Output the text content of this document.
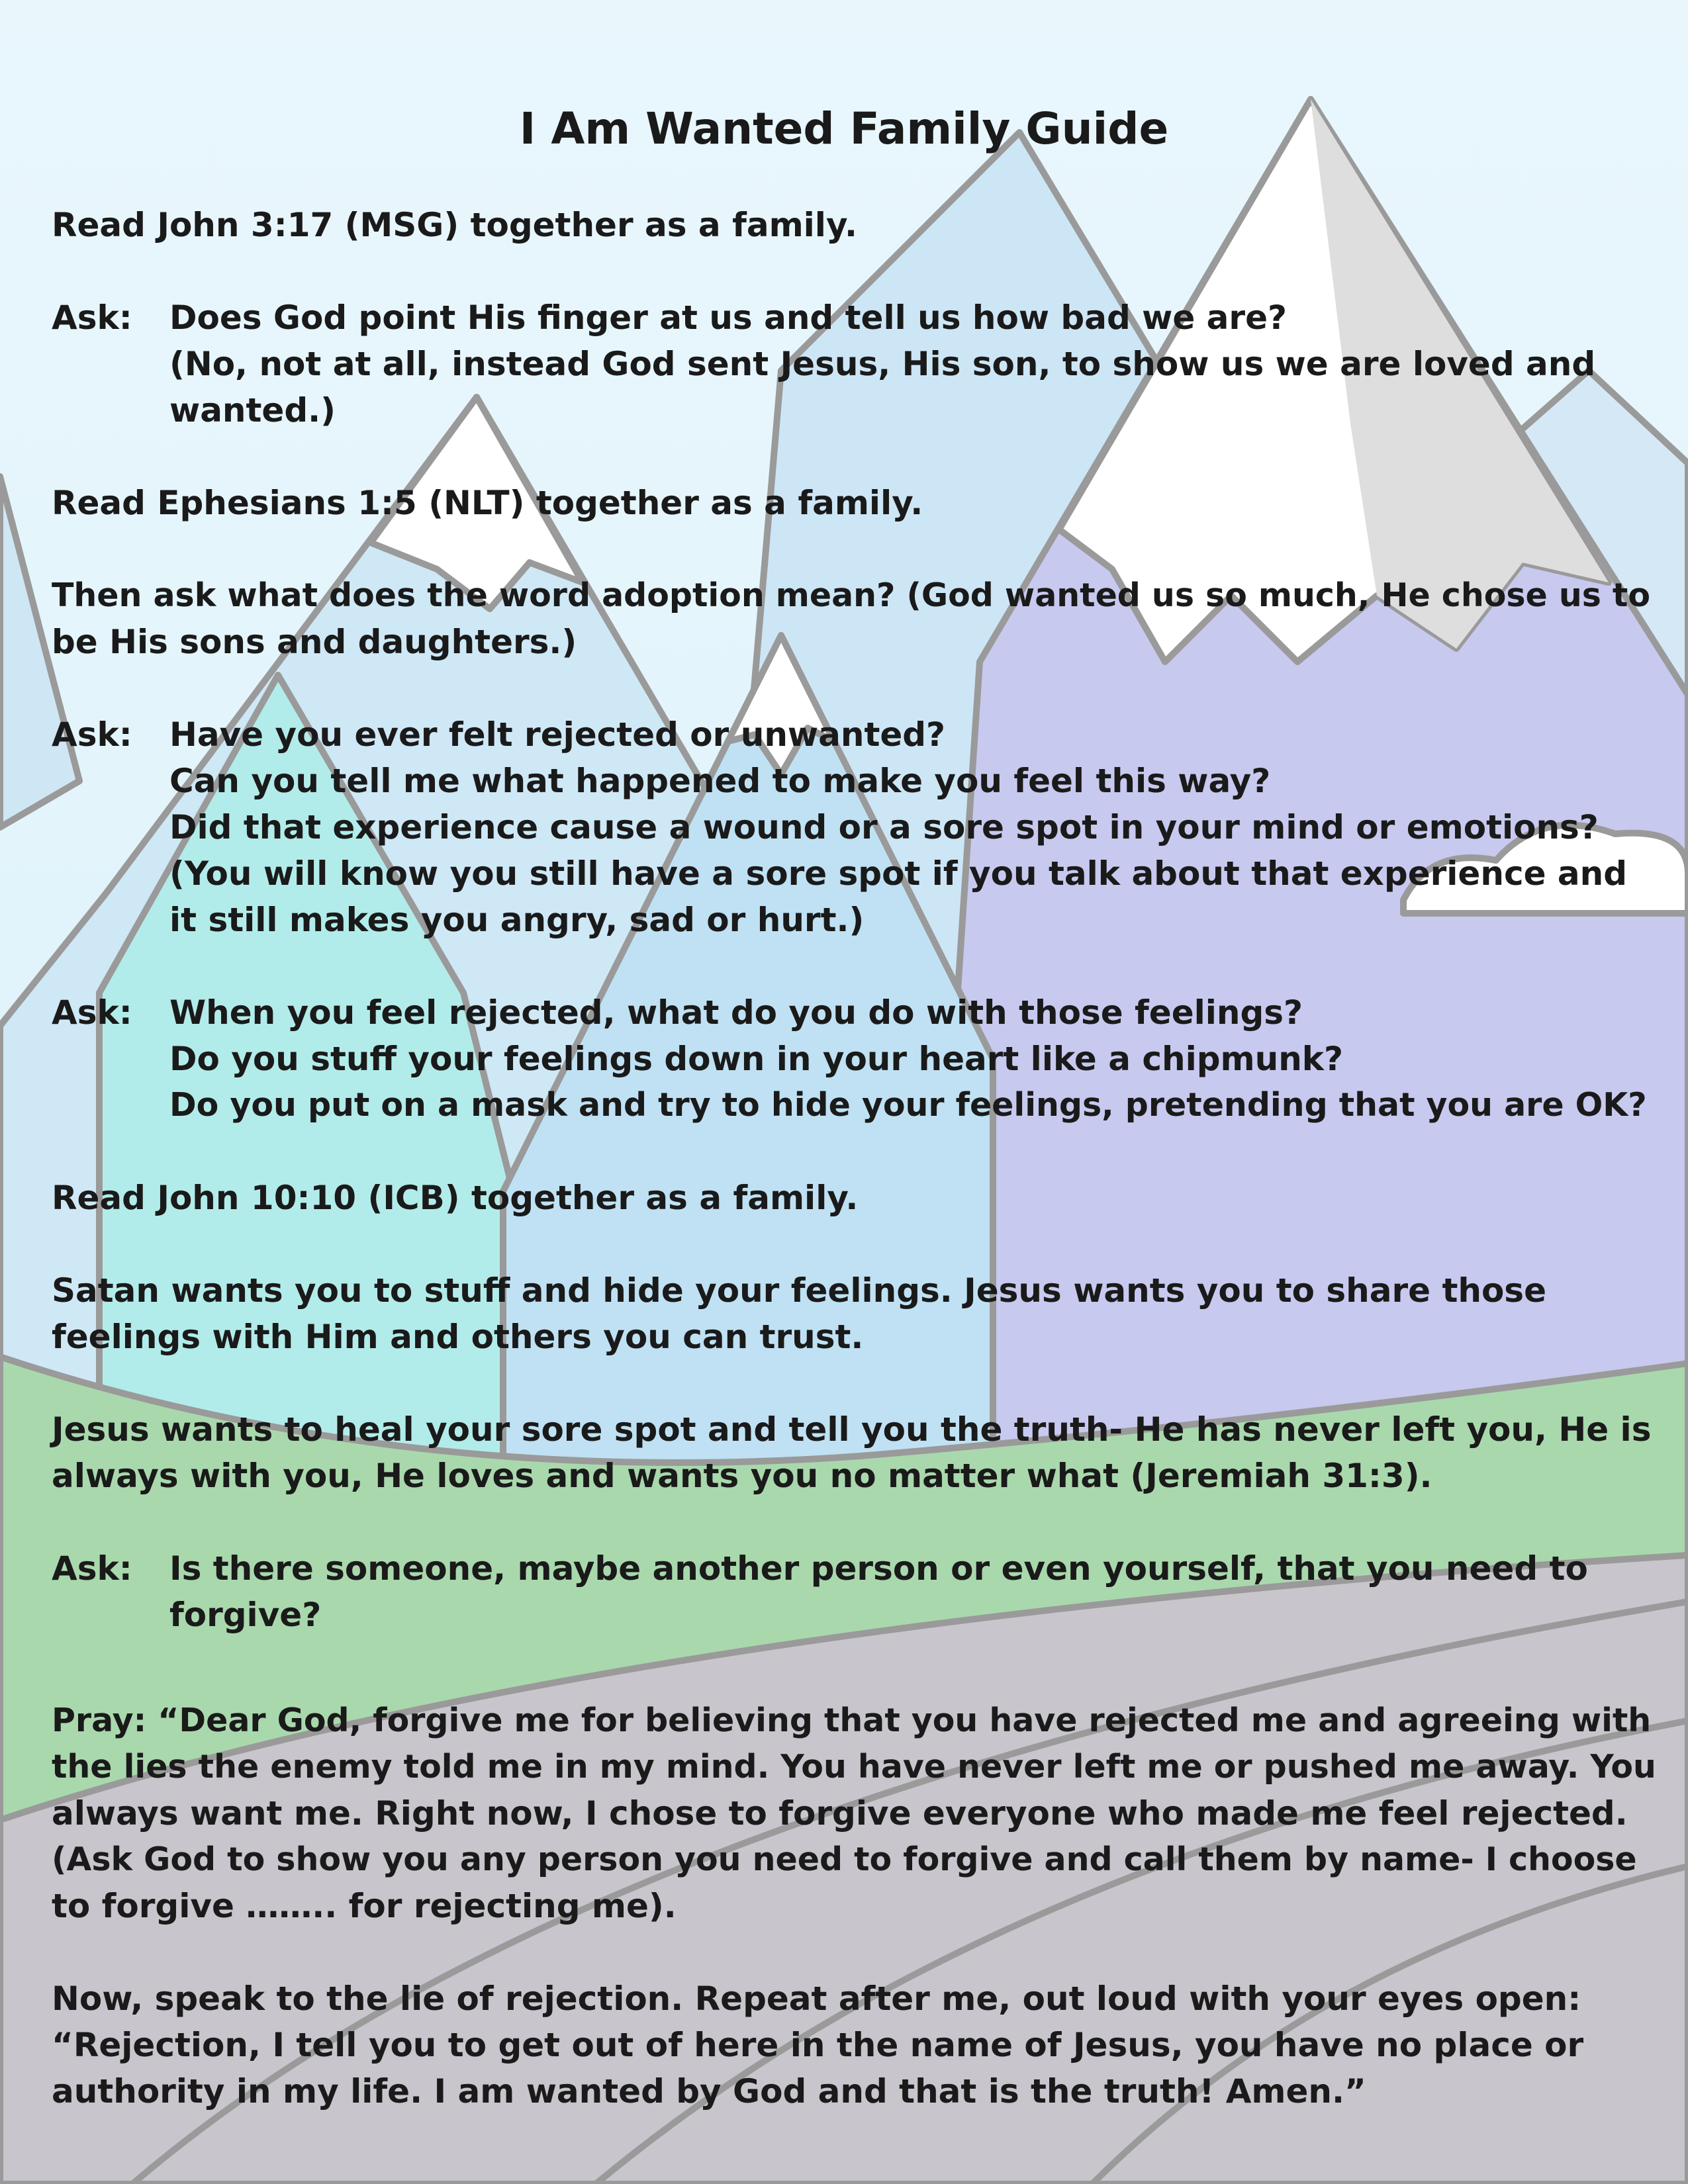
I Am Wanted Family Guide
Read John 3:17 (MSG) together as a family.
Ask: Does God point His finger at us and tell us how bad we are?
(No, not at all, instead God sent Jesus, His son, to show us we are loved and
wanted.)
Read Ephesians 1:5 (NLT) together as a family.
Then ask what does the word adoption mean? (God wanted us so much, He chose us to
be His sons and daughters.)
Ask: Have you ever felt rejected or unwanted?
Can you tell me what happened to make you feel this way?
Did that experience cause a wound or a sore spot in your mind or emotions?
(You will know you still have a sore spot if you talk about that experience and
it still makes you angry, sad or hurt.)
Ask: When you feel rejected, what do you do with those feelings?
Do you stuff your feelings down in your heart like a chipmunk?
Do you put on a mask and try to hide your feelings, pretending that you are OK?
Read John 10:10 (ICB) together as a family.
Satan wants you to stuff and hide your feelings. Jesus wants you to share those
feelings with Him and others you can trust.
Jesus wants to heal your sore spot and tell you the truth- He has never left you, He is
always with you, He loves and wants you no matter what (Jeremiah 31:3).
Ask: Is there someone, maybe another person or even yourself, that you need to
forgive?
Pray: “Dear God, forgive me for believing that you have rejected me and agreeing with
the lies the enemy told me in my mind. You have never left me or pushed me away. You
always want me. Right now, I chose to forgive everyone who made me feel rejected.
(Ask God to show you any person you need to forgive and call them by name- I choose
to forgive …….. for rejecting me).
Now, speak to the lie of rejection. Repeat after me, out loud with your eyes open:
“Rejection, I tell you to get out of here in the name of Jesus, you have no place or
authority in my life. I am wanted by God and that is the truth! Amen.”
